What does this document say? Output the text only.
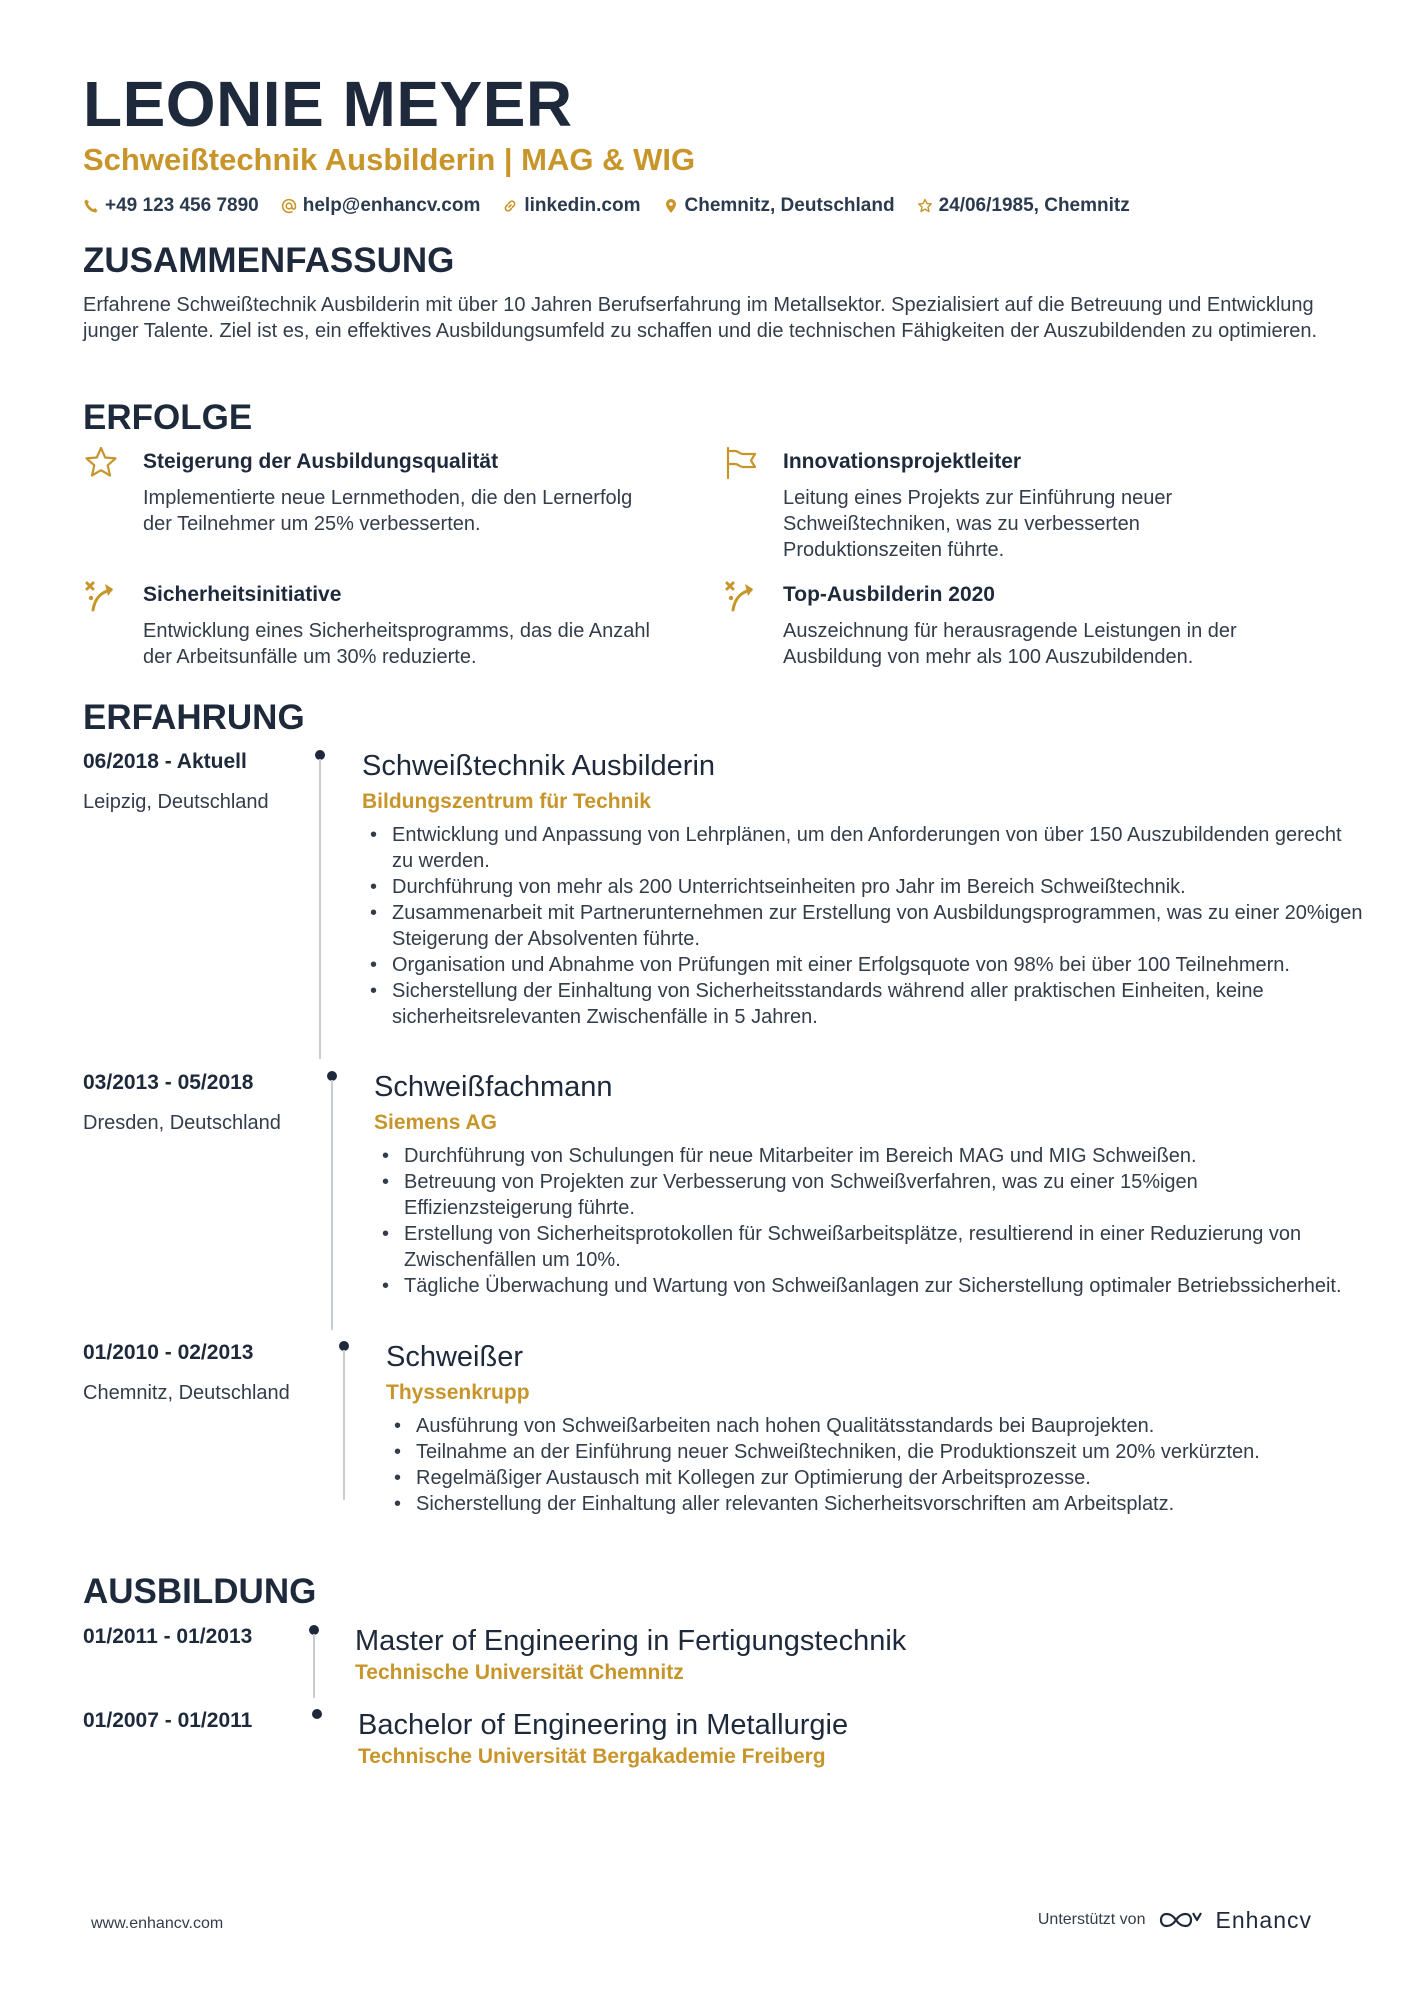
LEONIE MEYER
Schweißtechnik Ausbilderin | MAG & WIG
+49 123 456 7890 help@enhancv.com linkedin.com Chemnitz, Deutschland 24/06/1985, Chemnitz
ZUSAMMENFASSUNG
Erfahrene Schweißtechnik Ausbilderin mit über 10 Jahren Berufserfahrung im Metallsektor. Spezialisiert auf die Betreuung und Entwicklung junger Talente. Ziel ist es, ein effektives Ausbildungsumfeld zu schaffen und die technischen Fähigkeiten der Auszubildenden zu optimieren.
ERFOLGE
Steigerung der Ausbildungsqualität
Implementierte neue Lernmethoden, die den Lernerfolg der Teilnehmer um 25% verbesserten.
Innovationsprojektleiter
Leitung eines Projekts zur Einführung neuer Schweißtechniken, was zu verbesserten Produktionszeiten führte.
Sicherheitsinitiative
Entwicklung eines Sicherheitsprogramms, das die Anzahl der Arbeitsunfälle um 30% reduzierte.
Top-Ausbilderin 2020
Auszeichnung für herausragende Leistungen in der Ausbildung von mehr als 100 Auszubildenden.
ERFAHRUNG
06/2018 - Aktuell
Leipzig, Deutschland
Schweißtechnik Ausbilderin
Bildungszentrum für Technik
• Entwicklung und Anpassung von Lehrplänen, um den Anforderungen von über 150 Auszubildenden gerecht zu werden.
• Durchführung von mehr als 200 Unterrichtseinheiten pro Jahr im Bereich Schweißtechnik.
• Zusammenarbeit mit Partnerunternehmen zur Erstellung von Ausbildungsprogrammen, was zu einer 20%igen Steigerung der Absolventen führte.
• Organisation und Abnahme von Prüfungen mit einer Erfolgsquote von 98% bei über 100 Teilnehmern.
• Sicherstellung der Einhaltung von Sicherheitsstandards während aller praktischen Einheiten, keine sicherheitsrelevanten Zwischenfälle in 5 Jahren.
03/2013 - 05/2018
Dresden, Deutschland
Schweißfachmann
Siemens AG
• Durchführung von Schulungen für neue Mitarbeiter im Bereich MAG und MIG Schweißen.
• Betreuung von Projekten zur Verbesserung von Schweißverfahren, was zu einer 15%igen Effizienzsteigerung führte.
• Erstellung von Sicherheitsprotokollen für Schweißarbeitsplätze, resultierend in einer Reduzierung von Zwischenfällen um 10%.
• Tägliche Überwachung und Wartung von Schweißanlagen zur Sicherstellung optimaler Betriebssicherheit.
01/2010 - 02/2013
Chemnitz, Deutschland
Schweißer
Thyssenkrupp
• Ausführung von Schweißarbeiten nach hohen Qualitätsstandards bei Bauprojekten.
• Teilnahme an der Einführung neuer Schweißtechniken, die Produktionszeit um 20% verkürzten.
• Regelmäßiger Austausch mit Kollegen zur Optimierung der Arbeitsprozesse.
• Sicherstellung der Einhaltung aller relevanten Sicherheitsvorschriften am Arbeitsplatz.
AUSBILDUNG
01/2011 - 01/2013	Master of Engineering in Fertigungstechnik
Technische Universität Chemnitz
01/2007 - 01/2011	Bachelor of Engineering in Metallurgie
Technische Universität Bergakademie Freiberg
www.enhancv.com	Unterstützt von	Enhancv
